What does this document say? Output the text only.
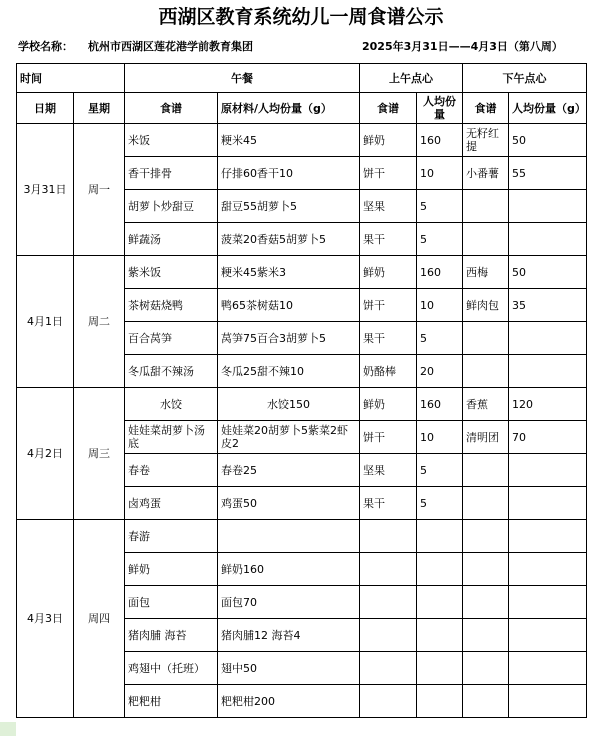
西湖区教育系统幼儿一周食谱公示
学校名称： 杭州市西湖区莲花港学前教育集团	2025年3月31日——4月3日（第八周）
时间		午餐		上午点心		下午点心	
日期	星期	食谱	原材料/人均份量（g）	食谱	人均份量	食谱	人均份量（g）
3月31日	周一	米饭	粳米45	鲜奶	160	无籽红提	50
		香干排骨	仔排60香干10	饼干	10	小番薯	55
		胡萝卜炒甜豆	甜豆55胡萝卜5	坚果	5		
		鲜蔬汤	菠菜20香菇5胡萝卜5	果干	5		
4月1日	周二	紫米饭	粳米45紫米3	鲜奶	160	西梅	50
		茶树菇烧鸭	鸭65茶树菇10	饼干	10	鲜肉包	35
		百合莴笋	莴笋75百合3胡萝卜5	果干	5		
		冬瓜甜不辣汤	冬瓜25甜不辣10	奶酪棒	20		
4月2日	周三	水饺	水饺150	鲜奶	160	香蕉	120
		娃娃菜胡萝卜汤底	娃娃菜20胡萝卜5紫菜2虾皮2	饼干	10	清明团	70
		春卷	春卷25	坚果	5		
		卤鸡蛋	鸡蛋50	果干	5		
4月3日	周四	春游					
		鲜奶	鲜奶160				
		面包	面包70				
		猪肉脯 海苔	猪肉脯12 海苔4				
		鸡翅中（托班）	翅中50				
		粑粑柑	粑粑柑200				
